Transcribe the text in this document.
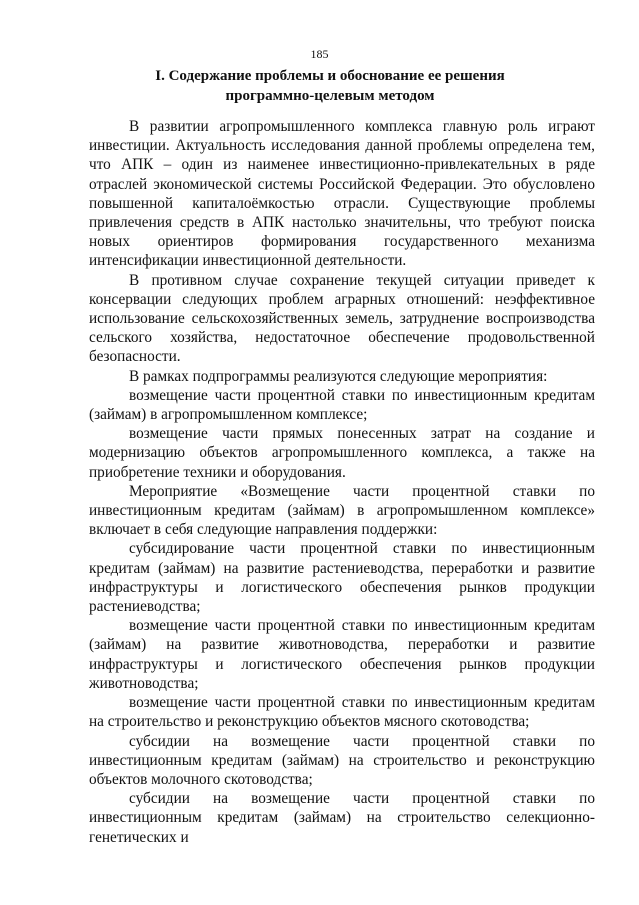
185
I. Содержание проблемы и обоснование ее решения
программно-целевым методом

В развитии агропромышленного комплекса главную роль играют инвестиции. Актуальность исследования данной проблемы определена тем, что АПК – один из наименее инвестиционно-привлекательных в ряде отраслей экономической системы Российской Федерации. Это обусловлено повышенной капиталоёмкостью отрасли. Существующие проблемы привлечения средств в АПК настолько значительны, что требуют поиска новых ориентиров формирования государственного механизма интенсификации инвестиционной деятельности.

В противном случае сохранение текущей ситуации приведет к консервации следующих проблем аграрных отношений: неэффективное использование сельскохозяйственных земель, затруднение воспроизводства сельского хозяйства, недостаточное обеспечение продовольственной безопасности.

В рамках подпрограммы реализуются следующие мероприятия:

возмещение части процентной ставки по инвестиционным кредитам (займам) в агропромышленном комплексе;

возмещение части прямых понесенных затрат на создание и модернизацию объектов агропромышленного комплекса, а также на приобретение техники и оборудования.

Мероприятие «Возмещение части процентной ставки по инвестиционным кредитам (займам) в агропромышленном комплексе» включает в себя следующие направления поддержки:

субсидирование части процентной ставки по инвестиционным кредитам (займам) на развитие растениеводства, переработки и развитие инфраструктуры и логистического обеспечения рынков продукции растениеводства;

возмещение части процентной ставки по инвестиционным кредитам (займам) на развитие животноводства, переработки и развитие инфраструктуры и логистического обеспечения рынков продукции животноводства;

возмещение части процентной ставки по инвестиционным кредитам на строительство и реконструкцию объектов мясного скотоводства;

субсидии на возмещение части процентной ставки по инвестиционным кредитам (займам) на строительство и реконструкцию объектов молочного скотоводства;

субсидии на возмещение части процентной ставки по инвестиционным кредитам (займам) на строительство селекционно-генетических и
